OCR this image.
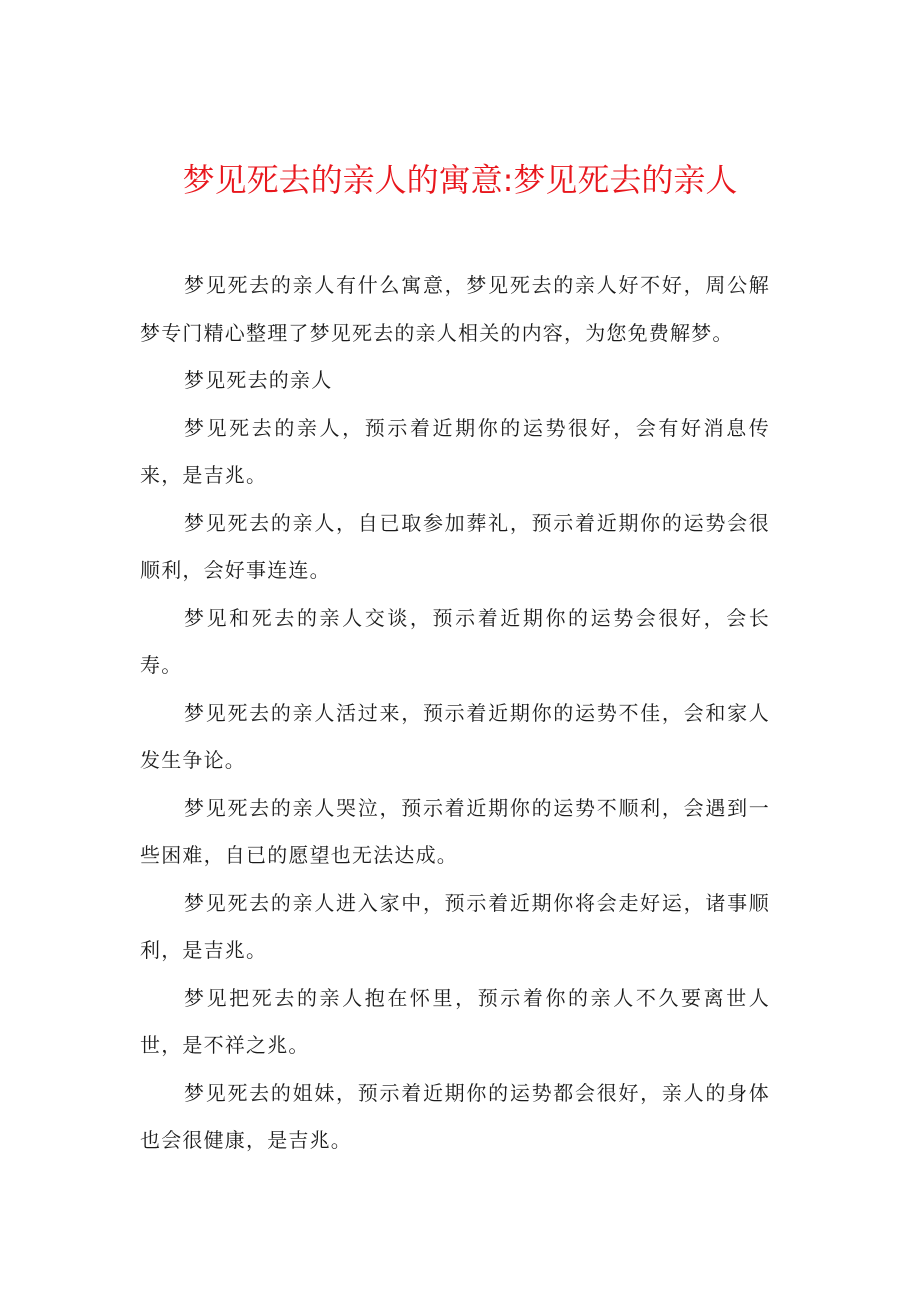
梦见死去的亲人的寓意:梦见死去的亲人

梦见死去的亲人有什么寓意，梦见死去的亲人好不好，周公解梦专门精心整理了梦见死去的亲人相关的内容，为您免费解梦。

梦见死去的亲人

梦见死去的亲人，预示着近期你的运势很好，会有好消息传来，是吉兆。

梦见死去的亲人，自已取参加葬礼，预示着近期你的运势会很顺利，会好事连连。

梦见和死去的亲人交谈，预示着近期你的运势会很好，会长寿。

梦见死去的亲人活过来，预示着近期你的运势不佳，会和家人发生争论。

梦见死去的亲人哭泣，预示着近期你的运势不顺利，会遇到一些困难，自已的愿望也无法达成。

梦见死去的亲人进入家中，预示着近期你将会走好运，诸事顺利，是吉兆。

梦见把死去的亲人抱在怀里，预示着你的亲人不久要离世人世，是不祥之兆。

梦见死去的姐妹，预示着近期你的运势都会很好，亲人的身体也会很健康，是吉兆。
